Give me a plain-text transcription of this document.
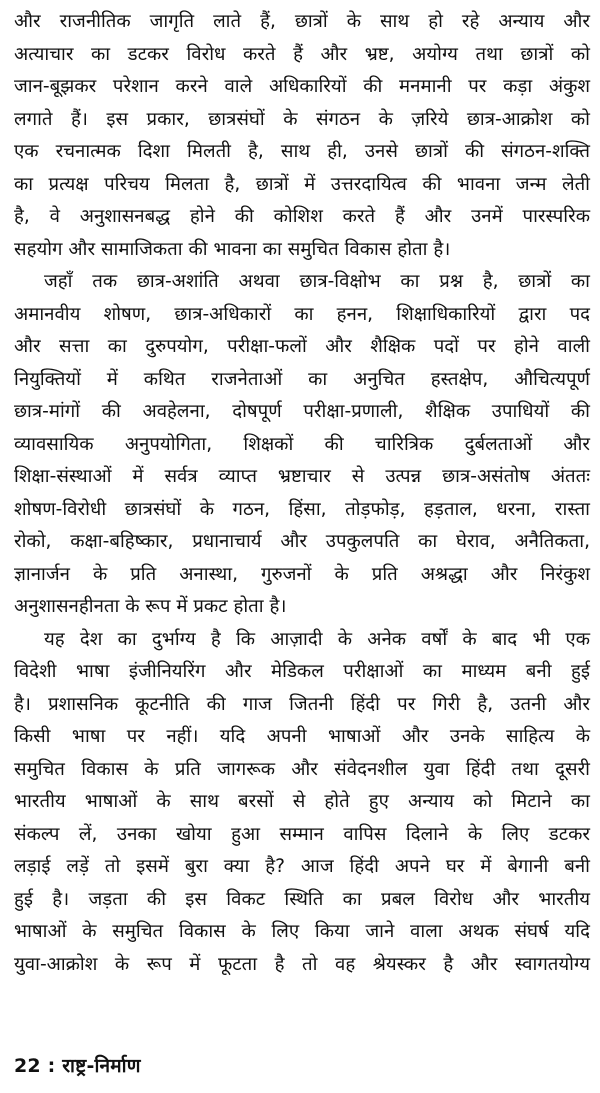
और राजनीतिक जागृति लाते हैं, छात्रों के साथ हो रहे अन्याय और
अत्याचार का डटकर विरोध करते हैं और भ्रष्ट, अयोग्य तथा छात्रों को
जान-बूझकर परेशान करने वाले अधिकारियों की मनमानी पर कड़ा अंकुश
लगाते हैं। इस प्रकार, छात्रसंघों के संगठन के ज़रिये छात्र-आक्रोश को
एक रचनात्मक दिशा मिलती है, साथ ही, उनसे छात्रों की संगठन-शक्ति
का प्रत्यक्ष परिचय मिलता है, छात्रों में उत्तरदायित्व की भावना जन्म लेती
है, वे अनुशासनबद्ध होने की कोशिश करते हैं और उनमें पारस्परिक
सहयोग और सामाजिकता की भावना का समुचित विकास होता है।

जहाँ तक छात्र-अशांति अथवा छात्र-विक्षोभ का प्रश्न है, छात्रों का
अमानवीय शोषण, छात्र-अधिकारों का हनन, शिक्षाधिकारियों द्वारा पद
और सत्ता का दुरुपयोग, परीक्षा-फलों और शैक्षिक पदों पर होने वाली
नियुक्तियों में कथित राजनेताओं का अनुचित हस्तक्षेप, औचित्यपूर्ण
छात्र-मांगों की अवहेलना, दोषपूर्ण परीक्षा-प्रणाली, शैक्षिक उपाधियों की
व्यावसायिक अनुपयोगिता, शिक्षकों की चारित्रिक दुर्बलताओं और
शिक्षा-संस्थाओं में सर्वत्र व्याप्त भ्रष्टाचार से उत्पन्न छात्र-असंतोष अंततः
शोषण-विरोधी छात्रसंघों के गठन, हिंसा, तोड़फोड़, हड़ताल, धरना, रास्ता
रोको, कक्षा-बहिष्कार, प्रधानाचार्य और उपकुलपति का घेराव, अनैतिकता,
ज्ञानार्जन के प्रति अनास्था, गुरुजनों के प्रति अश्रद्धा और निरंकुश
अनुशासनहीनता के रूप में प्रकट होता है।

यह देश का दुर्भाग्य है कि आज़ादी के अनेक वर्षों के बाद भी एक
विदेशी भाषा इंजीनियरिंग और मेडिकल परीक्षाओं का माध्यम बनी हुई
है। प्रशासनिक कूटनीति की गाज जितनी हिंदी पर गिरी है, उतनी और
किसी भाषा पर नहीं। यदि अपनी भाषाओं और उनके साहित्य के
समुचित विकास के प्रति जागरूक और संवेदनशील युवा हिंदी तथा दूसरी
भारतीय भाषाओं के साथ बरसों से होते हुए अन्याय को मिटाने का
संकल्प लें, उनका खोया हुआ सम्मान वापिस दिलाने के लिए डटकर
लड़ाई लड़ें तो इसमें बुरा क्या है? आज हिंदी अपने घर में बेगानी बनी
हुई है। जड़ता की इस विकट स्थिति का प्रबल विरोध और भारतीय
भाषाओं के समुचित विकास के लिए किया जाने वाला अथक संघर्ष यदि
युवा-आक्रोश के रूप में फूटता है तो वह श्रेयस्कर है और स्वागतयोग्य

22 : राष्ट्र-निर्माण
